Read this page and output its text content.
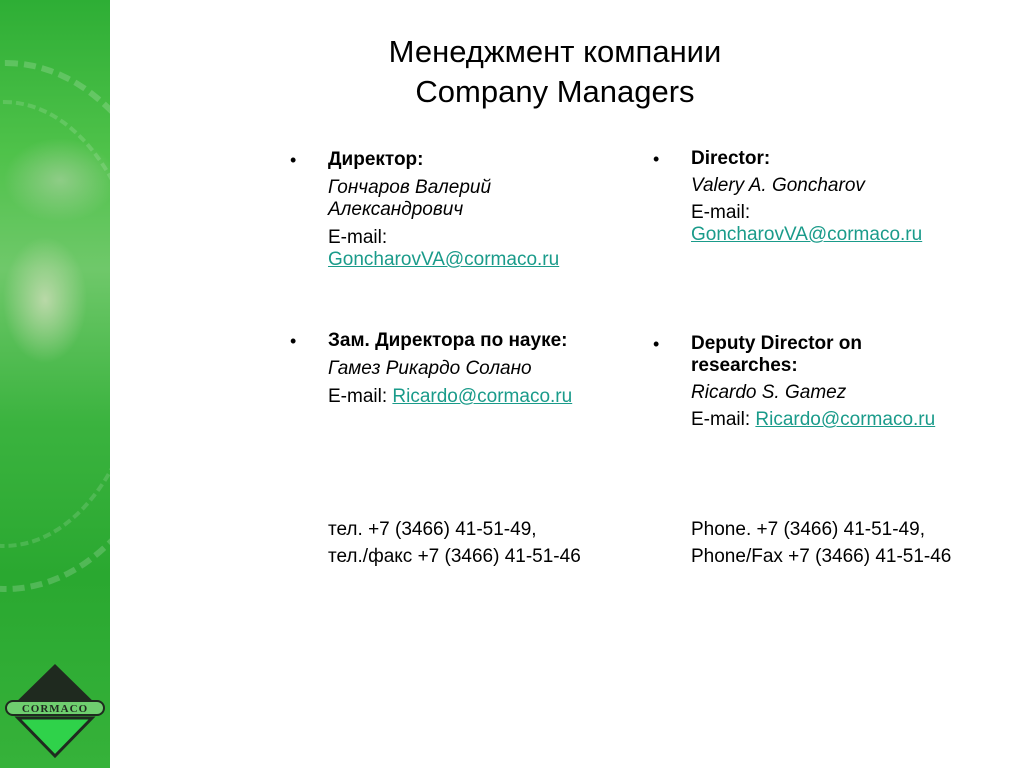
CORMACO
Менеджмент компании
Company Managers
• Директор:
Гончаров Валерий Александрович
E-mail:
GoncharovVA@cormaco.ru
• Зам. Директора по науке:
Гамез Рикардо Солано
E-mail: Ricardo@cormaco.ru
тел. +7 (3466) 41-51-49,
тел./факс +7 (3466) 41-51-46
• Director:
Valery A. Goncharov
E-mail:
GoncharovVA@cormaco.ru
• Deputy Director on researches:
Ricardo S. Gamez
E-mail: Ricardo@cormaco.ru
Phone. +7 (3466) 41-51-49,
Phone/Fax +7 (3466) 41-51-46
